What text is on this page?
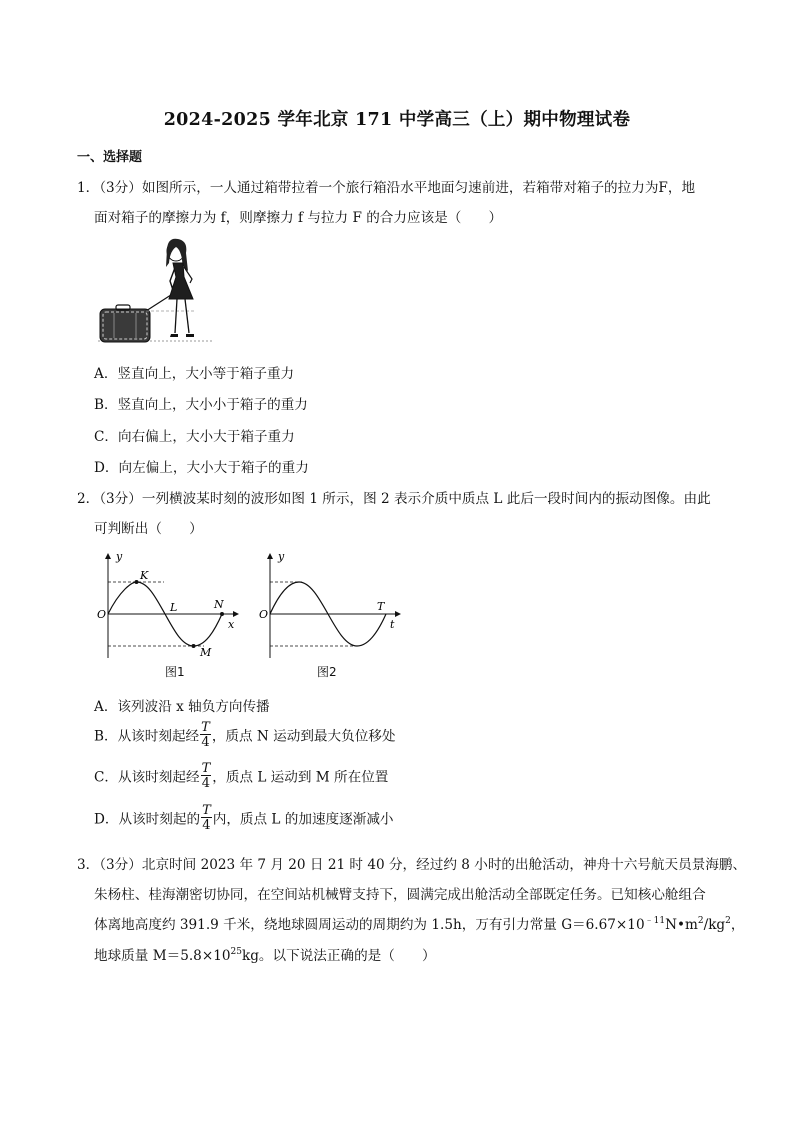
2024-2025 学年北京 171 中学高三（上）期中物理试卷
一、选择题
1．（3分）如图所示，一人通过箱带拉着一个旅行箱沿水平地面匀速前进，若箱带对箱子的拉力为F，地
面对箱子的摩擦力为 f，则摩擦力 f 与拉力 F 的合力应该是（　　）
A．竖直向上，大小等于箱子重力
B．竖直向上，大小小于箱子的重力
C．向右偏上，大小大于箱子重力
D．向左偏上，大小大于箱子的重力
2．（3分）一列横波某时刻的波形如图 1 所示，图 2 表示介质中质点 L 此后一段时间内的振动图像。由此
可判断出（　　）
y
O
x
K
L	N
M
图1
y
O
t
T
图2
A．该列波沿 x 轴负方向传播
B．从该时刻起经 $\frac{T}{4}$ ，质点 N 运动到最大负位移处
C．从该时刻起经 $\frac{T}{4}$ ，质点 L 运动到 M 所在位置
D．从该时刻起的 $\frac{T}{4}$ 内，质点 L 的加速度逐渐减小
3．（3分）北京时间 2023 年 7 月 20 日 21 时 40 分，经过约 8 小时的出舱活动，神舟十六号航天员景海鹏、
朱杨柱、桂海潮密切协同，在空间站机械臂支持下，圆满完成出舱活动全部既定任务。已知核心舱组合
体离地高度约 391.9 千米，绕地球圆周运动的周期约为 1.5h，万有引力常量 $G=6.67\times 10^{﹣11}N•m^2/kg^2$，
地球质量 $M=5.8\times 10^{25}kg$。以下说法正确的是（　　）
